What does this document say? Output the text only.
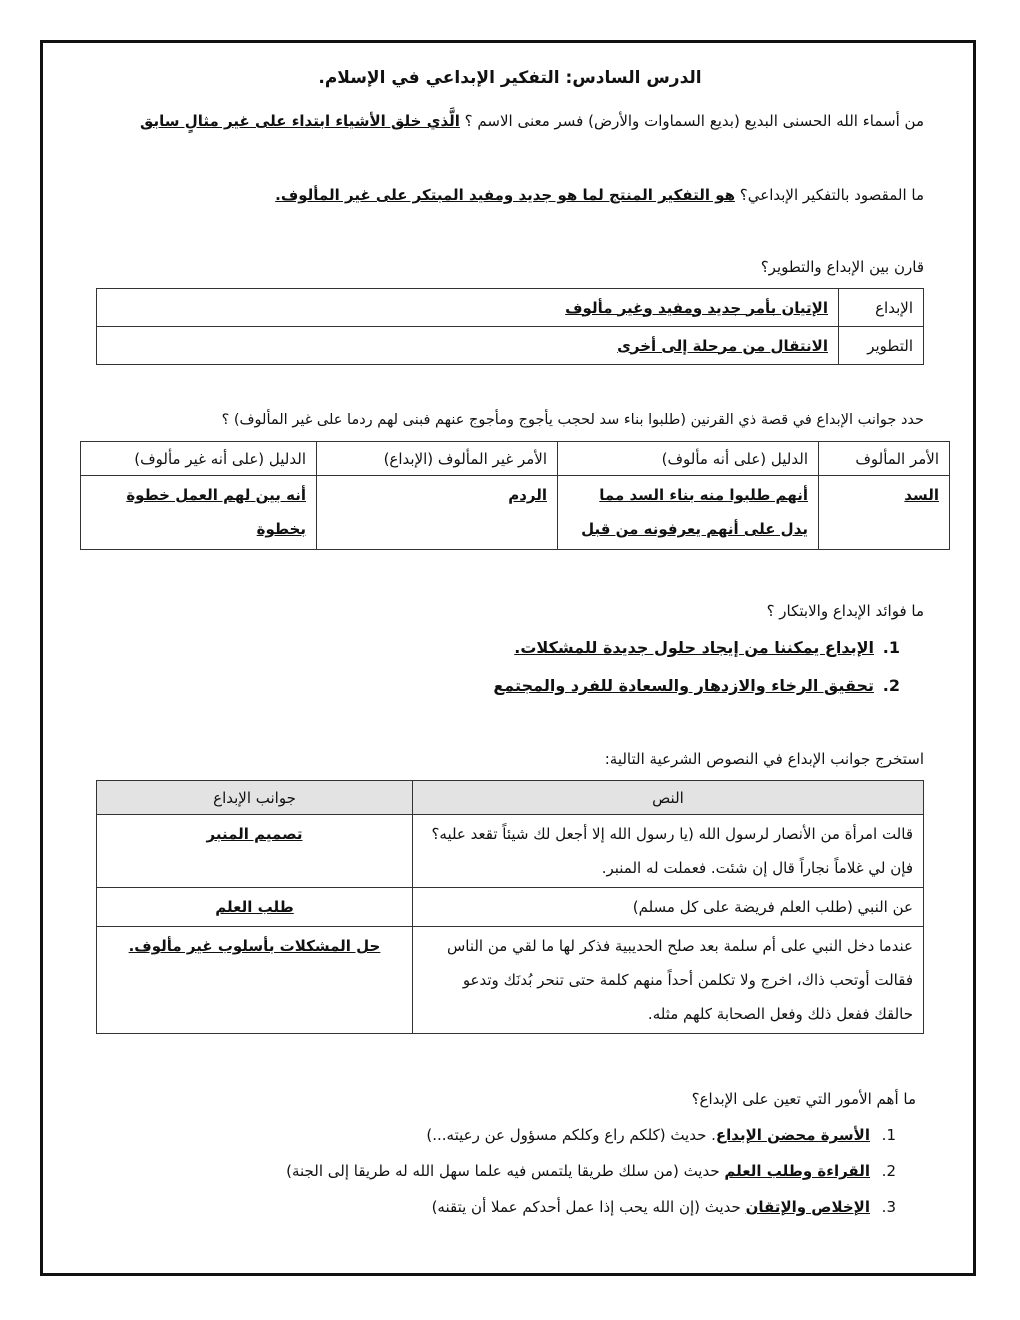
الدرس السادس: التفكير الإبداعي في الإسلام.
من أسماء الله الحسنى البديع (بديع السماوات والأرض) فسر معنى الاسم ؟ الَّذي خلق الأشياء ابتداء على غير مثالٍ سابق
ما المقصود بالتفكير الإبداعي؟ هو التفكير المنتج لما هو جديد ومفيد المبتكر على غير المألوف.
قارن بين الإبداع والتطوير؟
الإبداع	الإتيان بأمر جديد ومفيد وغير مألوف
التطوير	الانتقال من مرحلة إلى أخرى
حدد جوانب الإبداع في قصة ذي القرنين (طلبوا بناء سد لحجب يأجوج ومأجوج عنهم فبنى لهم ردما على غير المألوف) ؟
الأمر المألوف	الدليل (على أنه مألوف)	الأمر غير المألوف (الإبداع)	الدليل (على أنه غير مألوف)
السد	أنهم طلبوا منه بناء السد مما يدل على أنهم يعرفونه من قبل	الردم	أنه بين لهم العمل خطوة بخطوة
ما فوائد الإبداع والابتكار ؟
1.الإبداع يمكننا من إيجاد حلول جديدة للمشكلات.
2.تحقيق الرخاء والازدهار والسعادة للفرد والمجتمع
استخرج جوانب الإبداع في النصوص الشرعية التالية:
النص	جوانب الإبداع
قالت امرأة من الأنصار لرسول الله (يا رسول الله إلا أجعل لك شيئاً تقعد عليه؟ فإن لي غلاماً نجاراً قال إن شئت. فعملت له المنبر.	تصميم المنبر
عن النبي (طلب العلم فريضة على كل مسلم)	طلب العلم
عندما دخل النبي على أم سلمة بعد صلح الحديبية فذكر لها ما لقي من الناس فقالت أوتحب ذاك، اخرج ولا تكلمن أحداً منهم كلمة حتى تنحر بُدنَك وتدعو حالقك ففعل ذلك وفعل الصحابة كلهم مثله.	حل المشكلات بأسلوب غير مألوف.
ما أهم الأمور التي تعين على الإبداع؟
1.الأسرة محضن الإبداع. حديث (كلكم راع وكلكم مسؤول عن رعيته...)
2.القراءة وطلب العلم حديث (من سلك طريقا يلتمس فيه علما سهل الله له طريقا إلى الجنة)
3.الإخلاص والإتقان حديث (إن الله يحب إذا عمل أحدكم عملا أن يتقنه)
